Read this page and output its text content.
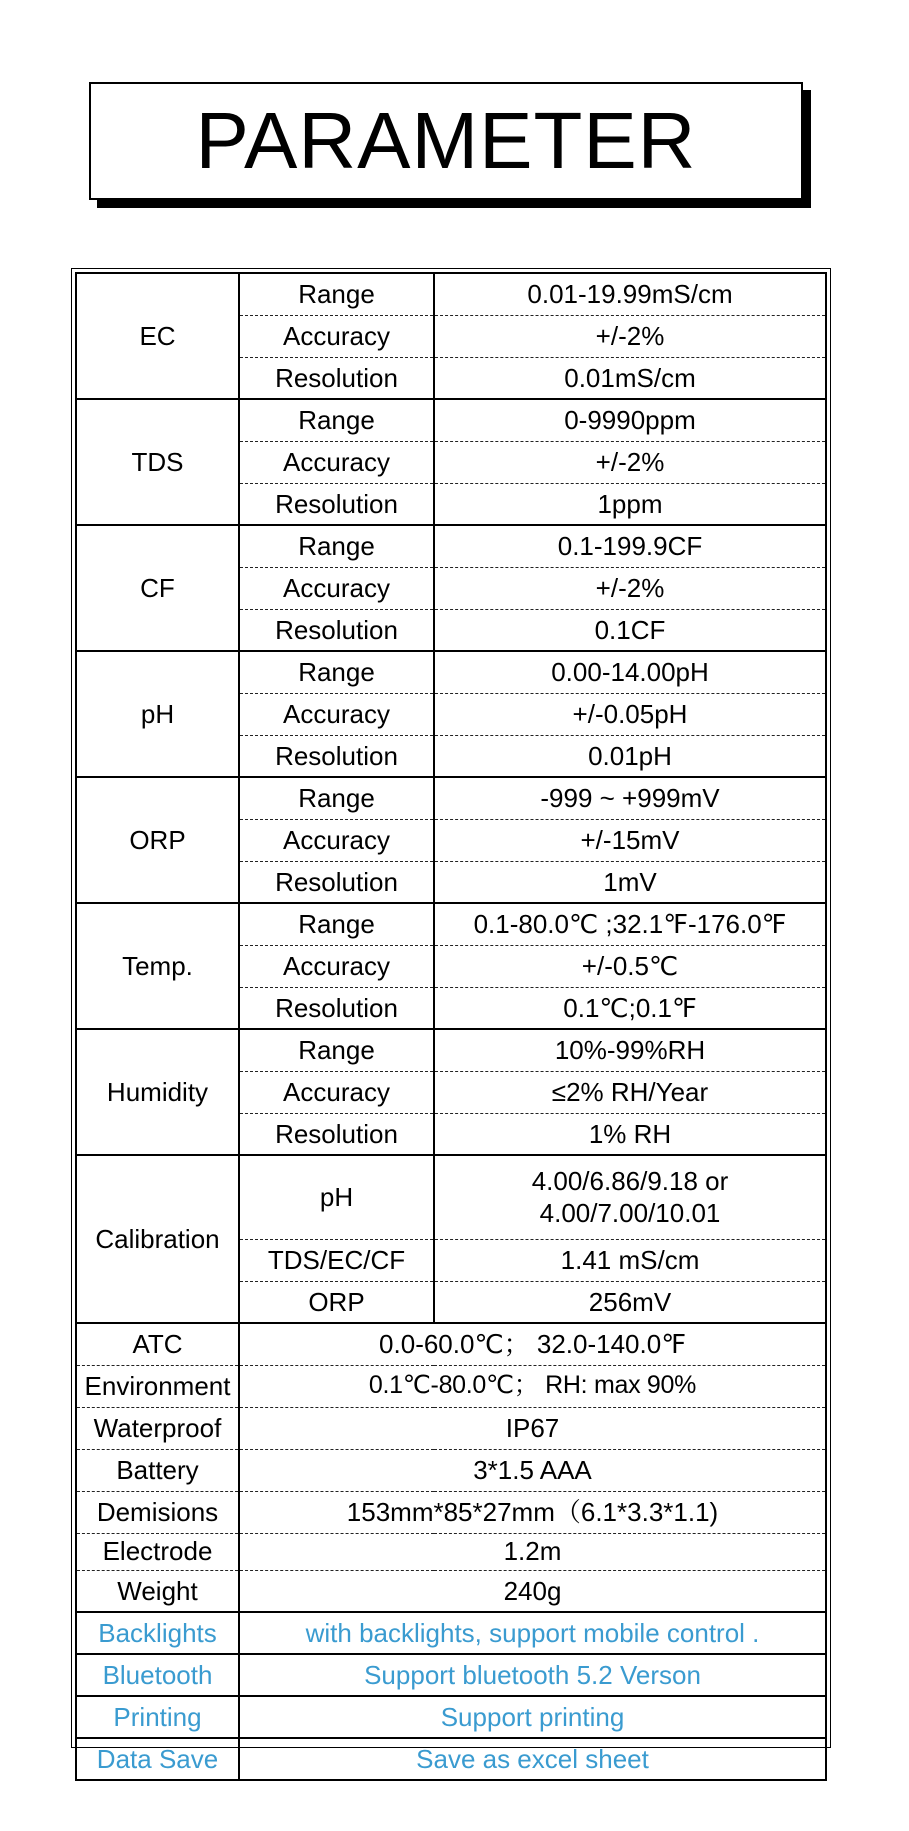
PARAMETER
EC	Range	0.01-19.99mS/cm
	Accuracy	+/-2%
	Resolution	0.01mS/cm
TDS	Range	0-9990ppm
	Accuracy	+/-2%
	Resolution	1ppm
CF	Range	0.1-199.9CF
	Accuracy	+/-2%
	Resolution	0.1CF
pH	Range	0.00-14.00pH
	Accuracy	+/-0.05pH
	Resolution	0.01pH
ORP	Range	-999 ~ +999mV
	Accuracy	+/-15mV
	Resolution	1mV
Temp.	Range	0.1-80.0℃ ;32.1℉-176.0℉
	Accuracy	+/-0.5℃
	Resolution	0.1℃;0.1℉
Humidity	Range	10%-99%RH
	Accuracy	≤2% RH/Year
	Resolution	1% RH
Calibration	pH	4.00/6.86/9.18 or
4.00/7.00/10.01

	TDS/EC/CF	1.41 mS/cm
	ORP	256mV
ATC	0.0-60.0℃； 32.0-140.0℉	
Environment	0.1℃-80.0℃； RH: max 90%	
Waterproof	IP67	
Battery	3*1.5 AAA	
Demisions	153mm*85*27mm（6.1*3.3*1.1)	
Electrode	1.2m	
Weight	240g	
Backlights	with backlights, support mobile control .	
Bluetooth	Support bluetooth 5.2 Verson	
Printing	Support printing	
Data Save	Save as excel sheet	
